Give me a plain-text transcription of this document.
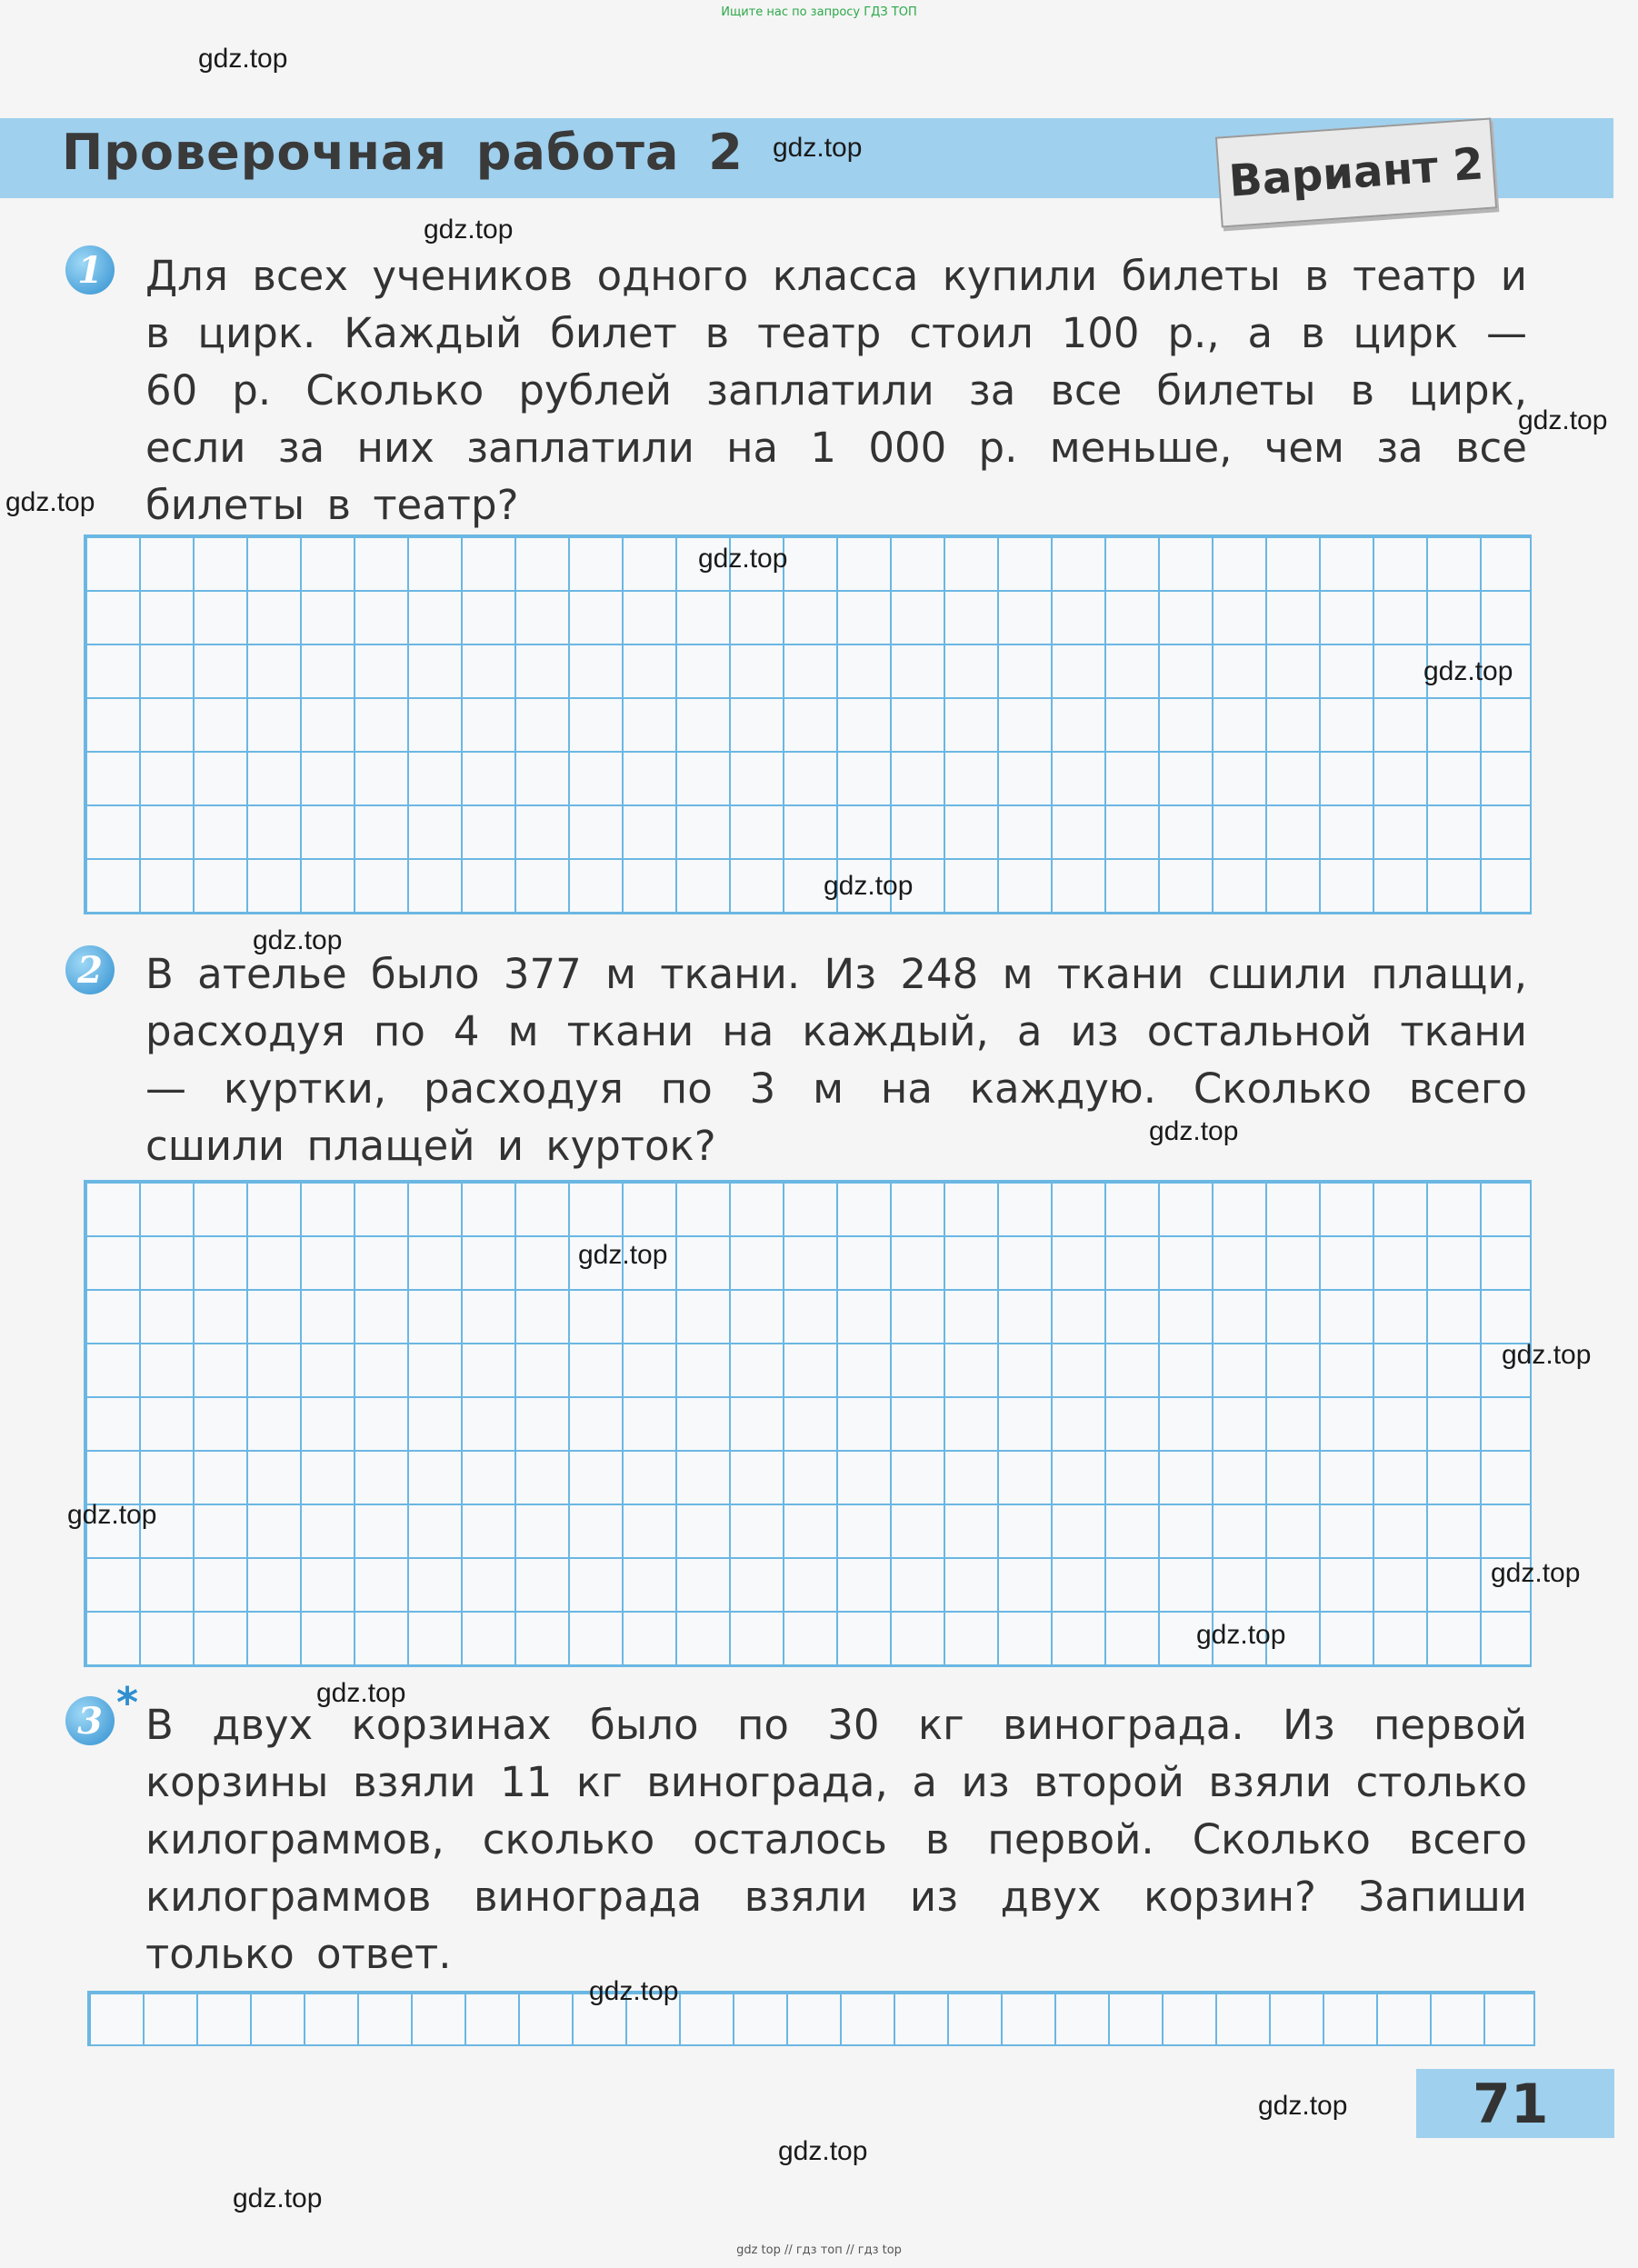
Ищите нас по запросу ГДЗ ТОП
Проверочная работа 2	Вариант 2
1 Для всех учеников одного класса купили билеты в театр и в цирк. Каждый билет в театр стоил 100 р., а в цирк — 60 р. Сколько рублей заплатили за все билеты в цирк, если за них заплатили на 1 000 р. меньше, чем за все билеты в театр?
2 В ателье было 377 м ткани. Из 248 м ткани сшили плащи, расходуя по 4 м ткани на каждый, а из остальной ткани — куртки, расходуя по 3 м на каждую. Сколько всего сшили плащей и курток?
3 * В двух корзинах было по 30 кг винограда. Из первой корзины взяли 11 кг винограда, а из второй взяли столько килограммов, сколько осталось в первой. Сколько всего килограммов винограда взяли из двух корзин? Запиши только ответ.
71
gdz.top
gdz.top
gdz.top
gdz.top
gdz.top
gdz.top
gdz.top
gdz.top
gdz.top
gdz.top
gdz.top
gdz.top
gdz.top
gdz.top
gdz.top
gdz.top
gdz.top
gdz.top
gdz.top
gdz.top
gdz top // гдз топ // гдз top
